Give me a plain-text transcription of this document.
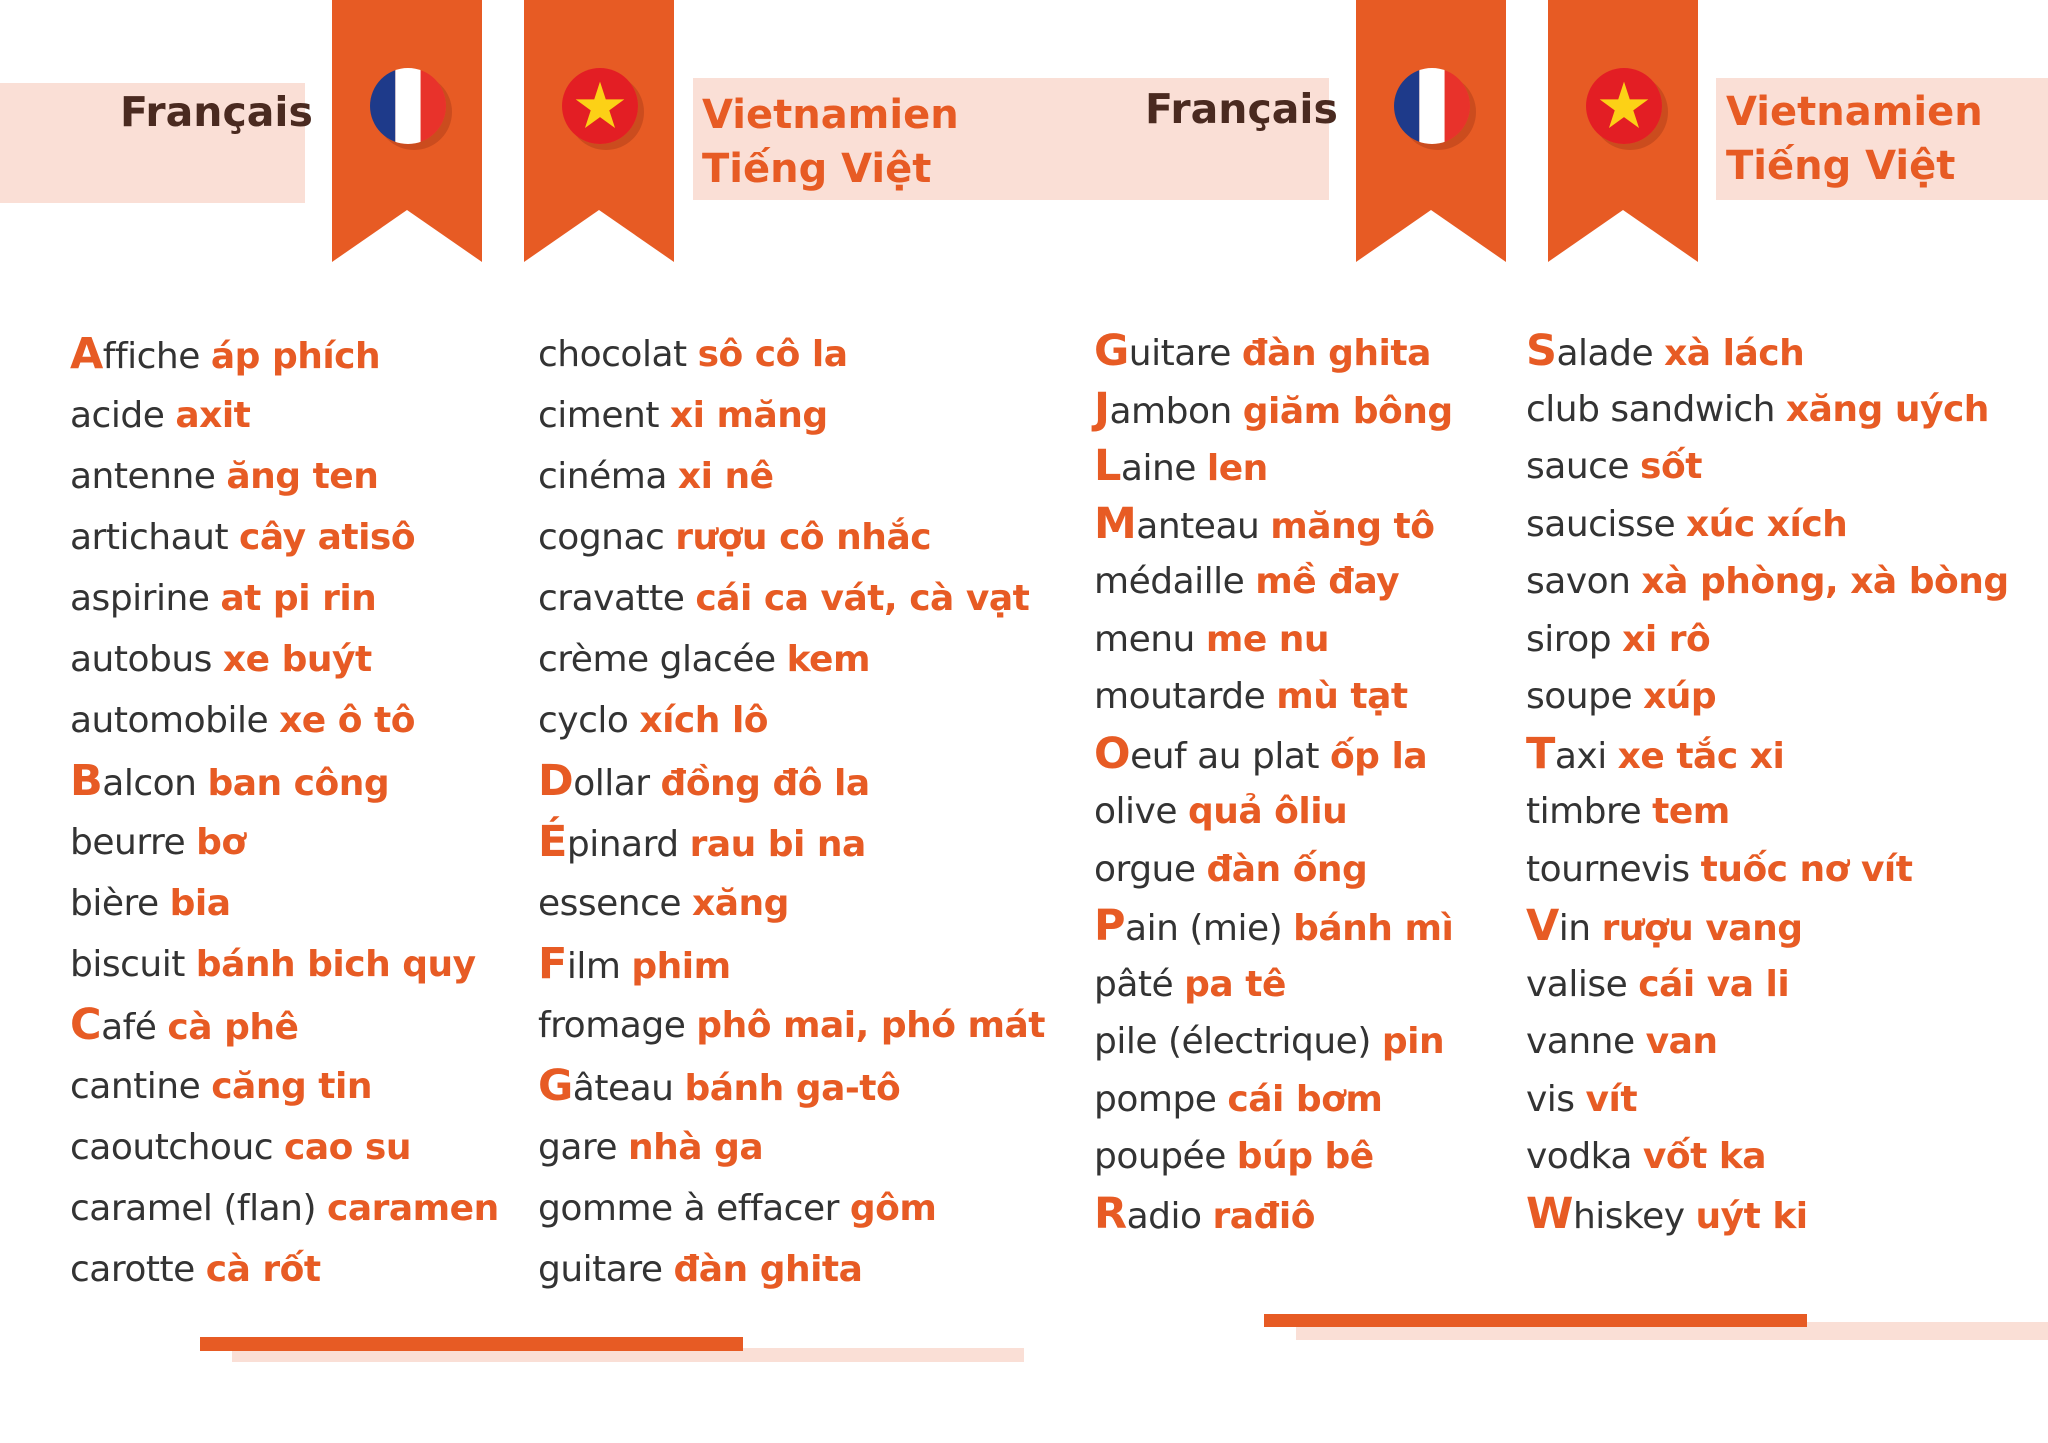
Français	Vietnamien
Tiếng Việt
Français	Vietnamien
Tiếng Việt
Affiche áp phích
acide axit
antenne ăng ten
artichaut cây atisô
aspirine at pi rin
autobus xe buýt
automobile xe ô tô
Balcon ban công
beurre bơ
bière bia
biscuit bánh bich quy
Café cà phê
cantine căng tin
caoutchouc cao su
caramel (flan) caramen
carotte cà rốt
chocolat sô cô la
ciment xi măng
cinéma xi nê
cognac rượu cô nhắc
cravatte cái ca vát, cà vạt
crème glacée kem
cyclo xích lô
Dollar đồng đô la
Épinard rau bi na
essence xăng
Film phim
fromage phô mai, phó mát
Gâteau bánh ga-tô
gare nhà ga
gomme à effacer gôm
guitare đàn ghita
Guitare đàn ghita
Jambon giăm bông
Laine len
Manteau măng tô
médaille mề đay
menu me nu
moutarde mù tạt
Oeuf au plat ốp la
olive quả ôliu
orgue đàn ống
Pain (mie) bánh mì
pâté pa tê
pile (électrique) pin
pompe cái bơm
poupée búp bê
Radio rađiô
Salade xà lách
club sandwich xăng uých
sauce sốt
saucisse xúc xích
savon xà phòng, xà bòng
sirop xi rô
soupe xúp
Taxi xe tắc xi
timbre tem
tournevis tuốc nơ vít
Vin rượu vang
valise cái va li
vanne van
vis vít
vodka vốt ka
Whiskey uýt ki
